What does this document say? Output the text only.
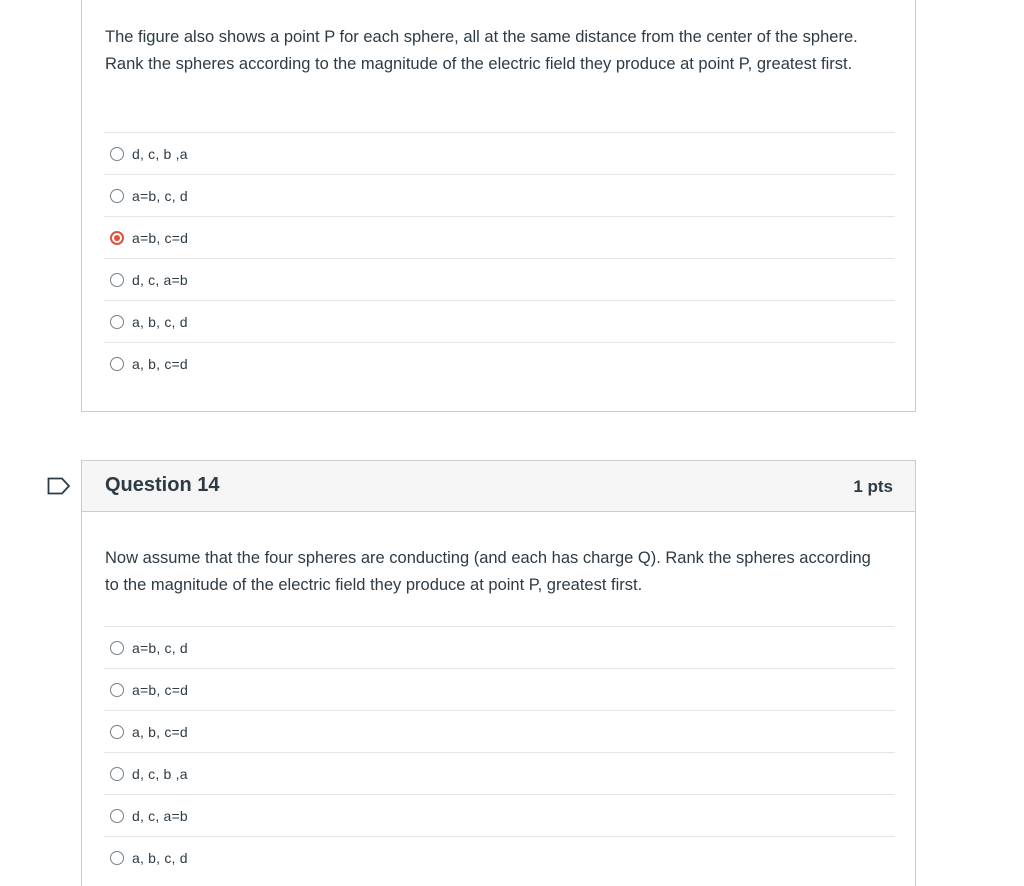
The figure also shows a point P for each sphere, all at the same distance from the center of the sphere. Rank the spheres according to the magnitude of the electric field they produce at point P, greatest first.

d, c, b ,a
a=b, c, d
a=b, c=d
d, c, a=b
a, b, c, d
a, b, c=d
Question 14	1 pts

Now assume that the four spheres are conducting (and each has charge Q). Rank the spheres according to the magnitude of the electric field they produce at point P, greatest first.

a=b, c, d
a=b, c=d
a, b, c=d
d, c, b ,a
d, c, a=b
a, b, c, d
